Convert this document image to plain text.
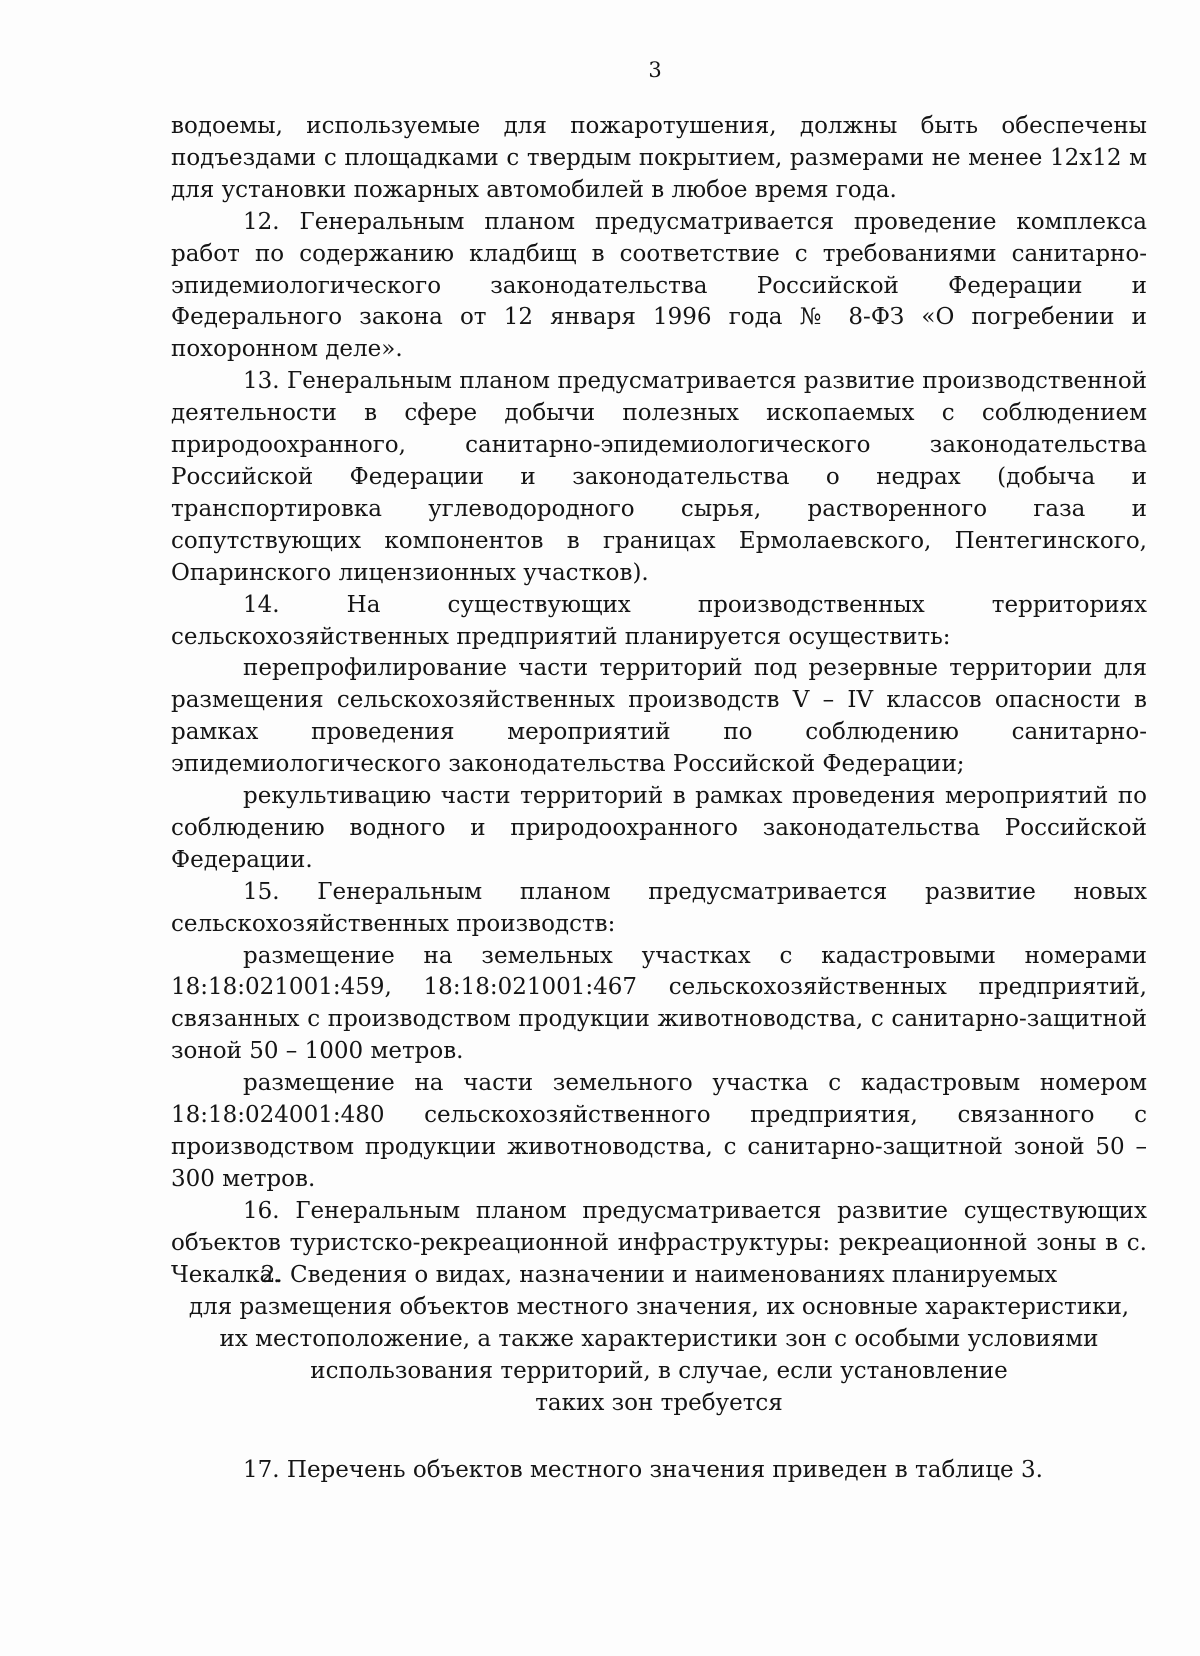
3

водоемы, используемые для пожаротушения, должны быть обеспечены подъездами с площадками с твердым покрытием, размерами не менее 12х12 м для установки пожарных автомобилей в любое время года.

12. Генеральным планом предусматривается проведение комплекса работ по содержанию кладбищ в соответствие с требованиями санитарно-эпидемиологического законодательства Российской Федерации и Федерального закона от 12 января 1996 года № 8-ФЗ «О погребении и похоронном деле».

13. Генеральным планом предусматривается развитие производственной деятельности в сфере добычи полезных ископаемых с соблюдением природоохранного, санитарно-эпидемиологического законодательства Российской Федерации и законодательства о недрах (добыча и транспортировка углеводородного сырья, растворенного газа и сопутствующих компонентов в границах Ермолаевского, Пентегинского, Опаринского лицензионных участков).

14. На существующих производственных территориях сельскохозяйственных предприятий планируется осуществить:

перепрофилирование части территорий под резервные территории для размещения сельскохозяйственных производств V – IV классов опасности в рамках проведения мероприятий по соблюдению санитарно-эпидемиологического законодательства Российской Федерации;

рекультивацию части территорий в рамках проведения мероприятий по соблюдению водного и природоохранного законодательства Российской Федерации.

15. Генеральным планом предусматривается развитие новых сельскохозяйственных производств:

размещение на земельных участках с кадастровыми номерами 18:18:021001:459, 18:18:021001:467 сельскохозяйственных предприятий, связанных с производством продукции животноводства, с санитарно-защитной зоной 50 – 1000 метров.

размещение на части земельного участка с кадастровым номером 18:18:024001:480 сельскохозяйственного предприятия, связанного с производством продукции животноводства, с санитарно-защитной зоной 50 – 300 метров.

16. Генеральным планом предусматривается развитие существующих объектов туристско-рекреационной инфраструктуры: рекреационной зоны в с. Чекалка.

2. Сведения о видах, назначении и наименованиях планируемых
для размещения объектов местного значения, их основные характеристики,
их местоположение, а также характеристики зон с особыми условиями
использования территорий, в случае, если установление
таких зон требуется

17. Перечень объектов местного значения приведен в таблице 3.
